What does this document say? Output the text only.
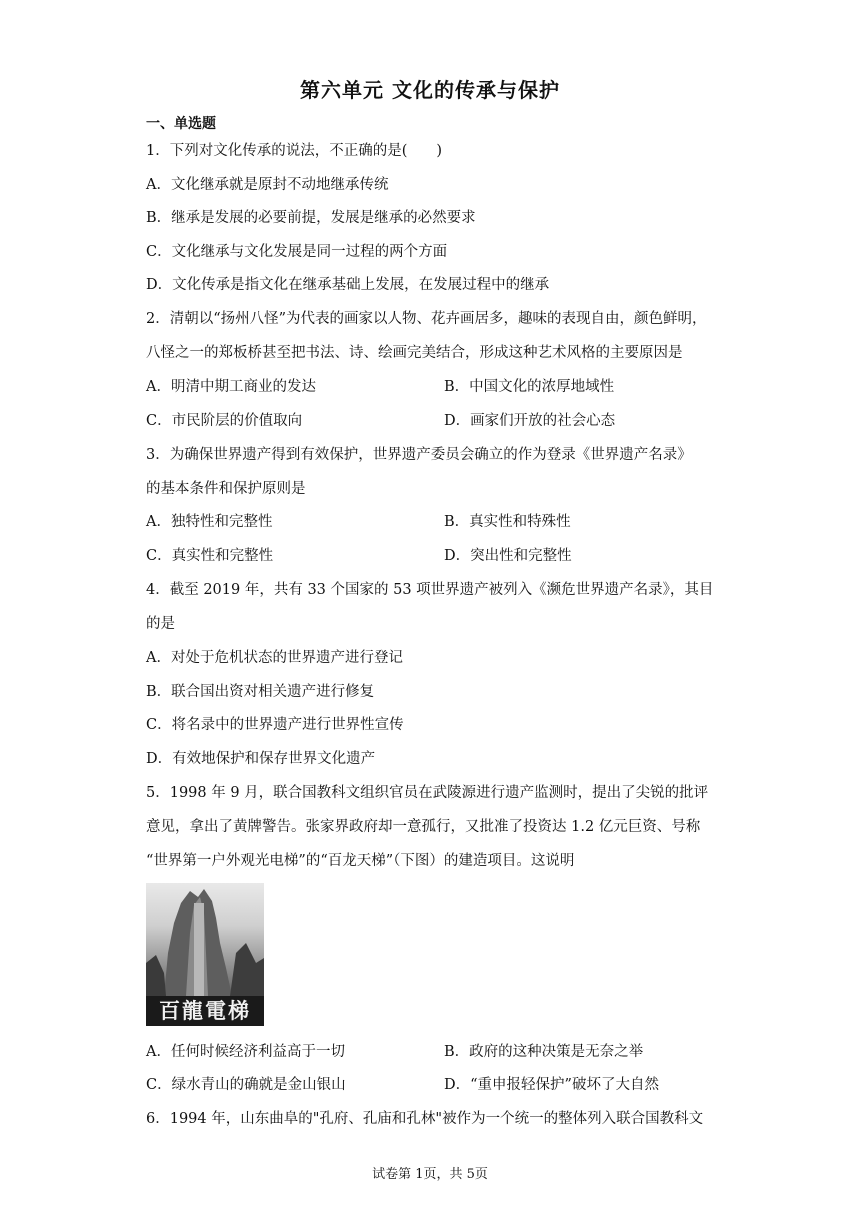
第六单元 文化的传承与保护
一、单选题
1．下列对文化传承的说法，不正确的是(　　)
A．文化继承就是原封不动地继承传统
B．继承是发展的必要前提，发展是继承的必然要求
C．文化继承与文化发展是同一过程的两个方面
D．文化传承是指文化在继承基础上发展，在发展过程中的继承
2．清朝以“扬州八怪”为代表的画家以人物、花卉画居多，趣味的表现自由，颜色鲜明，
八怪之一的郑板桥甚至把书法、诗、绘画完美结合，形成这种艺术风格的主要原因是
A．明清中期工商业的发达	B．中国文化的浓厚地域性
C．市民阶层的价值取向	D．画家们开放的社会心态
3．为确保世界遗产得到有效保护，世界遗产委员会确立的作为登录《世界遗产名录》
的基本条件和保护原则是
A．独特性和完整性	B．真实性和特殊性
C．真实性和完整性	D．突出性和完整性
4．截至 2019 年，共有 33 个国家的 53 项世界遗产被列入《濒危世界遗产名录》，其目
的是
A．对处于危机状态的世界遗产进行登记
B．联合国出资对相关遗产进行修复
C．将名录中的世界遗产进行世界性宣传
D．有效地保护和保存世界文化遗产
5．1998 年 9 月，联合国教科文组织官员在武陵源进行遗产监测时，提出了尖锐的批评
意见，拿出了黄牌警告。张家界政府却一意孤行，又批准了投资达 1.2 亿元巨资、号称
“世界第一户外观光电梯”的“百龙天梯”（下图）的建造项目。这说明
百龍電梯
A．任何时候经济利益高于一切	B．政府的这种决策是无奈之举
C．绿水青山的确就是金山银山	D．“重申报轻保护”破坏了大自然
6．1994 年，山东曲阜的"孔府、孔庙和孔林"被作为一个统一的整体列入联合国教科文
试卷第 1页，共 5页
